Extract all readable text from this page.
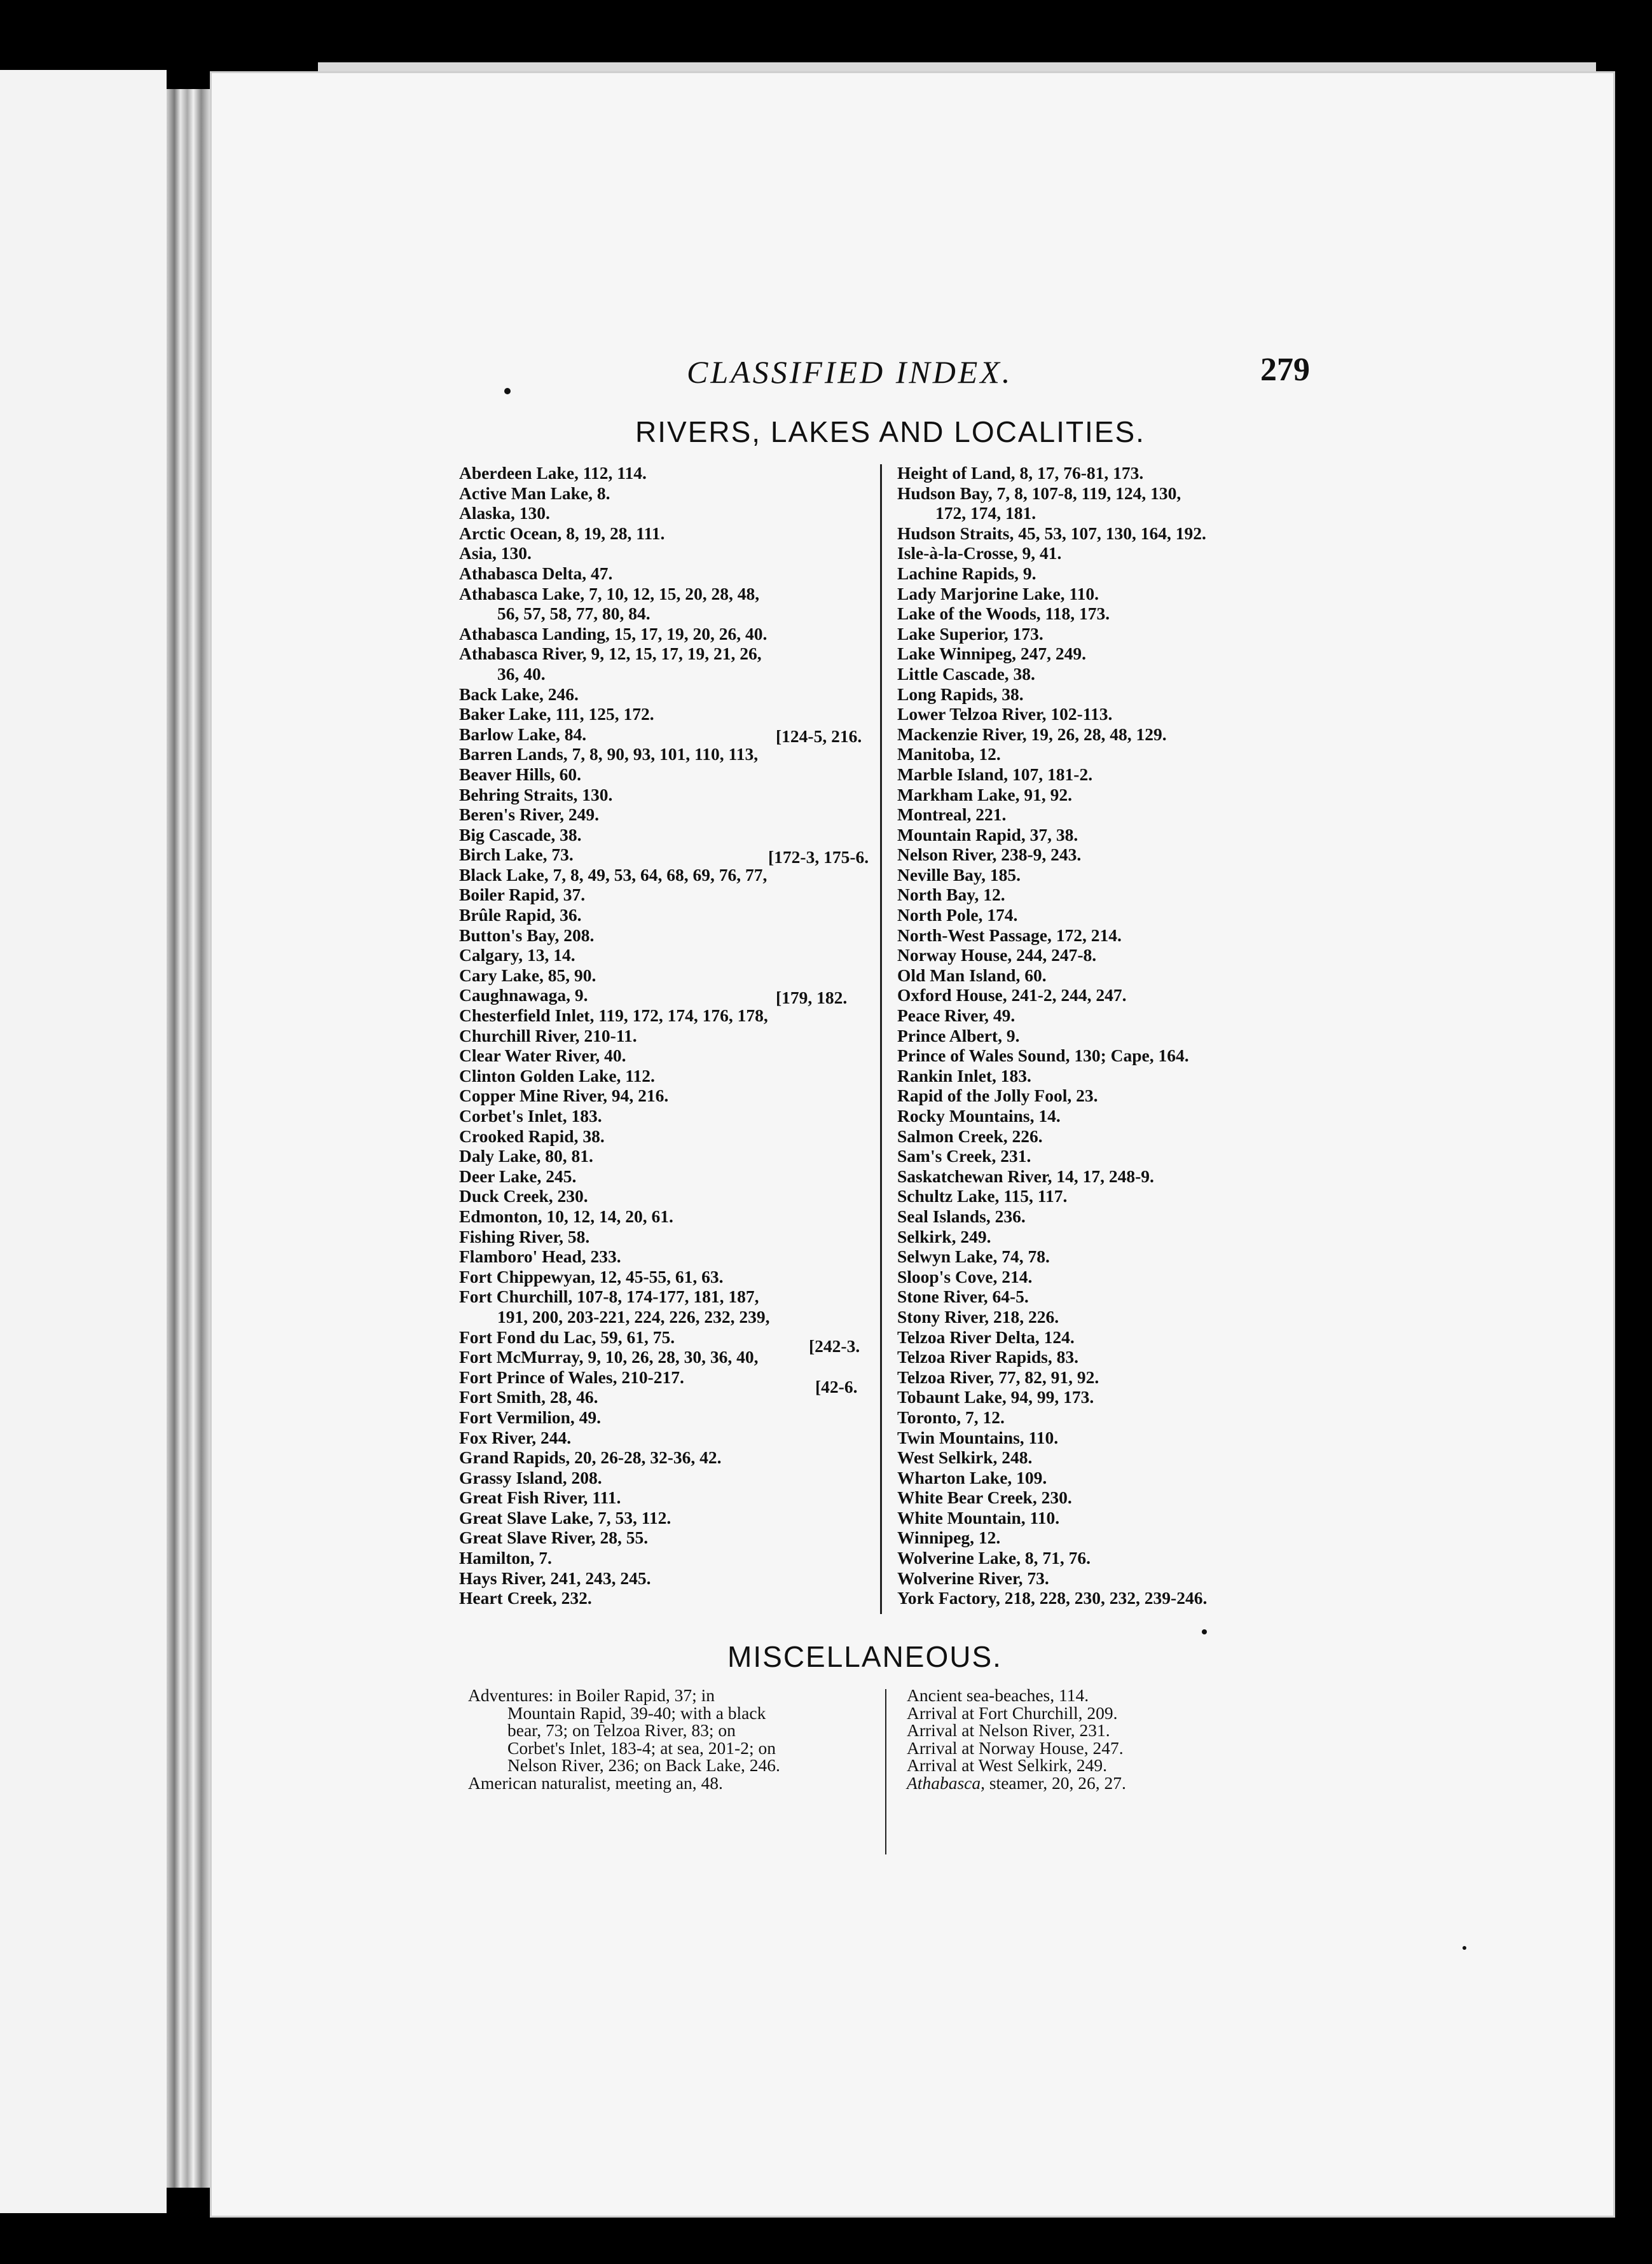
CLASSIFIED INDEX.	279
RIVERS, LAKES AND LOCALITIES.
Aberdeen Lake, 112, 114.
Active Man Lake, 8.
Alaska, 130.
Arctic Ocean, 8, 19, 28, 111.
Asia, 130.
Athabasca Delta, 47.
Athabasca Lake, 7, 10, 12, 15, 20, 28, 48,
56, 57, 58, 77, 80, 84.
Athabasca Landing, 15, 17, 19, 20, 26, 40.
Athabasca River, 9, 12, 15, 17, 19, 21, 26,
36, 40.
Back Lake, 246.
Baker Lake, 111, 125, 172.
Barlow Lake, 84.
Barren Lands, 7, 8, 90, 93, 101, 110, 113,
Beaver Hills, 60.
Behring Straits, 130.
Beren's River, 249.
Big Cascade, 38.
Birch Lake, 73.
Black Lake, 7, 8, 49, 53, 64, 68, 69, 76, 77,
Boiler Rapid, 37.
Brûle Rapid, 36.
Button's Bay, 208.
Calgary, 13, 14.
Cary Lake, 85, 90.
Caughnawaga, 9.
Chesterfield Inlet, 119, 172, 174, 176, 178,
Churchill River, 210-11.
Clear Water River, 40.
Clinton Golden Lake, 112.
Copper Mine River, 94, 216.
Corbet's Inlet, 183.
Crooked Rapid, 38.
Daly Lake, 80, 81.
Deer Lake, 245.
Duck Creek, 230.
Edmonton, 10, 12, 14, 20, 61.
Fishing River, 58.
Flamboro' Head, 233.
Fort Chippewyan, 12, 45-55, 61, 63.
Fort Churchill, 107-8, 174-177, 181, 187,
191, 200, 203-221, 224, 226, 232, 239,
Fort Fond du Lac, 59, 61, 75.
Fort McMurray, 9, 10, 26, 28, 30, 36, 40,
Fort Prince of Wales, 210-217.
Fort Smith, 28, 46.
Fort Vermilion, 49.
Fox River, 244.
Grand Rapids, 20, 26-28, 32-36, 42.
Grassy Island, 208.
Great Fish River, 111.
Great Slave Lake, 7, 53, 112.
Great Slave River, 28, 55.
Hamilton, 7.
Hays River, 241, 243, 245.
Heart Creek, 232.
Height of Land, 8, 17, 76-81, 173.
Hudson Bay, 7, 8, 107-8, 119, 124, 130,
172, 174, 181.
Hudson Straits, 45, 53, 107, 130, 164, 192.
Isle-à-la-Crosse, 9, 41.
Lachine Rapids, 9.
Lady Marjorine Lake, 110.
Lake of the Woods, 118, 173.
Lake Superior, 173.
Lake Winnipeg, 247, 249.
Little Cascade, 38.
Long Rapids, 38.
Lower Telzoa River, 102-113.
Mackenzie River, 19, 26, 28, 48, 129.
Manitoba, 12.
Marble Island, 107, 181-2.
Markham Lake, 91, 92.
Montreal, 221.
Mountain Rapid, 37, 38.
Nelson River, 238-9, 243.
Neville Bay, 185.
North Bay, 12.
North Pole, 174.
North-West Passage, 172, 214.
Norway House, 244, 247-8.
Old Man Island, 60.
Oxford House, 241-2, 244, 247.
Peace River, 49.
Prince Albert, 9.
Prince of Wales Sound, 130; Cape, 164.
Rankin Inlet, 183.
Rapid of the Jolly Fool, 23.
Rocky Mountains, 14.
Salmon Creek, 226.
Sam's Creek, 231.
Saskatchewan River, 14, 17, 248-9.
Schultz Lake, 115, 117.
Seal Islands, 236.
Selkirk, 249.
Selwyn Lake, 74, 78.
Sloop's Cove, 214.
Stone River, 64-5.
Stony River, 218, 226.
Telzoa River Delta, 124.
Telzoa River Rapids, 83.
Telzoa River, 77, 82, 91, 92.
Tobaunt Lake, 94, 99, 173.
Toronto, 7, 12.
Twin Mountains, 110.
West Selkirk, 248.
Wharton Lake, 109.
White Bear Creek, 230.
White Mountain, 110.
Winnipeg, 12.
Wolverine Lake, 8, 71, 76.
Wolverine River, 73.
York Factory, 218, 228, 230, 232, 239-246.
[124-5, 216.
[172-3, 175-6.
[179, 182.
[242-3.
[42-6.
MISCELLANEOUS.
Adventures: in Boiler Rapid, 37; in
Mountain Rapid, 39-40; with a black
bear, 73; on Telzoa River, 83; on
Corbet's Inlet, 183-4; at sea, 201-2; on
Nelson River, 236; on Back Lake, 246.
American naturalist, meeting an, 48.
Ancient sea-beaches, 114.
Arrival at Fort Churchill, 209.
Arrival at Nelson River, 231.
Arrival at Norway House, 247.
Arrival at West Selkirk, 249.
Athabasca, steamer, 20, 26, 27.
